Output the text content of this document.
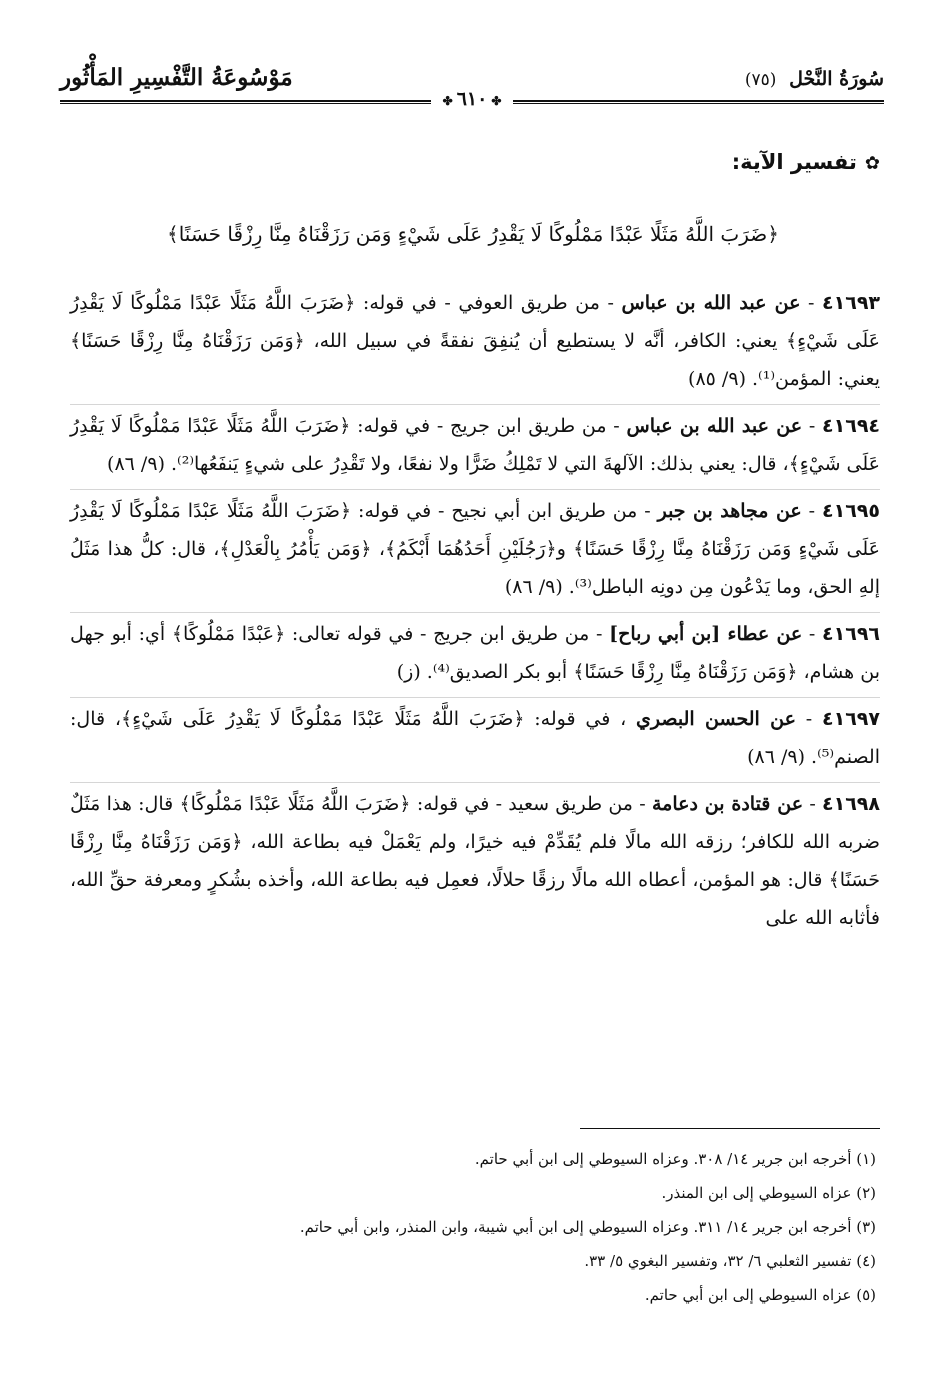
سُورَةُ النَّحْل (٧٥)
مَوْسُوعَةُ التَّفْسِيرِ المَأْثُور
✤٦١٠✤
✿تفسير الآية:
﴿ضَرَبَ اللَّهُ مَثَلًا عَبْدًا مَمْلُوكًا لَا يَقْدِرُ عَلَى شَيْءٍ وَمَن رَزَقْنَاهُ مِنَّا رِزْقًا حَسَنًا﴾
٤١٦٩٣ - عن عبد الله بن عباس - من طريق العوفي - في قوله: ﴿ضَرَبَ اللَّهُ مَثَلًا عَبْدًا مَمْلُوكًا لَا يَقْدِرُ عَلَى شَيْءٍ﴾ يعني: الكافر، أنَّه لا يستطيع أن يُنفِقَ نفقةً في سبيل الله، ﴿وَمَن رَزَقْنَاهُ مِنَّا رِزْقًا حَسَنًا﴾ يعني: المؤمن⁽¹⁾. (٩/ ٨٥)
٤١٦٩٤ - عن عبد الله بن عباس - من طريق ابن جريج - في قوله: ﴿ضَرَبَ اللَّهُ مَثَلًا عَبْدًا مَمْلُوكًا لَا يَقْدِرُ عَلَى شَيْءٍ﴾، قال: يعني بذلك: الآلهةَ التي لا تَمْلِكُ ضَرًّا ولا نفعًا، ولا تَقْدِرُ على شيءٍ يَنفَعُها⁽²⁾. (٩/ ٨٦)
٤١٦٩٥ - عن مجاهد بن جبر - من طريق ابن أبي نجيح - في قوله: ﴿ضَرَبَ اللَّهُ مَثَلًا عَبْدًا مَمْلُوكًا لَا يَقْدِرُ عَلَى شَيْءٍ وَمَن رَزَقْنَاهُ مِنَّا رِزْقًا حَسَنًا﴾ و﴿رَجُلَيْنِ أَحَدُهُمَا أَبْكَمُ﴾، ﴿وَمَن يَأْمُرُ بِالْعَدْلِ﴾، قال: كلُّ هذا مَثَلُ إلهِ الحق، وما يَدْعُون مِن دونِه الباطل⁽³⁾. (٩/ ٨٦)
٤١٦٩٦ - عن عطاء [بن أبي رباح] - من طريق ابن جريج - في قوله تعالى: ﴿عَبْدًا مَمْلُوكًا﴾ أي: أبو جهل بن هشام، ﴿وَمَن رَزَقْنَاهُ مِنَّا رِزْقًا حَسَنًا﴾ أبو بكر الصديق⁽⁴⁾. (ز)
٤١٦٩٧ - عن الحسن البصري ، في قوله: ﴿ضَرَبَ اللَّهُ مَثَلًا عَبْدًا مَمْلُوكًا لَا يَقْدِرُ عَلَى شَيْءٍ﴾، قال: الصنم⁽⁵⁾. (٩/ ٨٦)
٤١٦٩٨ - عن قتادة بن دعامة - من طريق سعيد - في قوله: ﴿ضَرَبَ اللَّهُ مَثَلًا عَبْدًا مَمْلُوكًا﴾ قال: هذا مَثَلٌ ضربه الله للكافر؛ رزقه الله مالًا فلم يُقَدِّمْ فيه خيرًا، ولم يَعْمَلْ فيه بطاعة الله، ﴿وَمَن رَزَقْنَاهُ مِنَّا رِزْقًا حَسَنًا﴾ قال: هو المؤمن، أعطاه الله مالًا رزقًا حلالًا، فعمِل فيه بطاعة الله، وأخذه بشُكرٍ ومعرفة حقِّ الله، فأثابه الله على
(١) أخرجه ابن جرير ١٤/ ٣٠٨. وعزاه السيوطي إلى ابن أبي حاتم.
(٢) عزاه السيوطي إلى ابن المنذر.
(٣) أخرجه ابن جرير ١٤/ ٣١١. وعزاه السيوطي إلى ابن أبي شيبة، وابن المنذر، وابن أبي حاتم.
(٤) تفسير الثعلبي ٦/ ٣٢، وتفسير البغوي ٥/ ٣٣.
(٥) عزاه السيوطي إلى ابن أبي حاتم.
